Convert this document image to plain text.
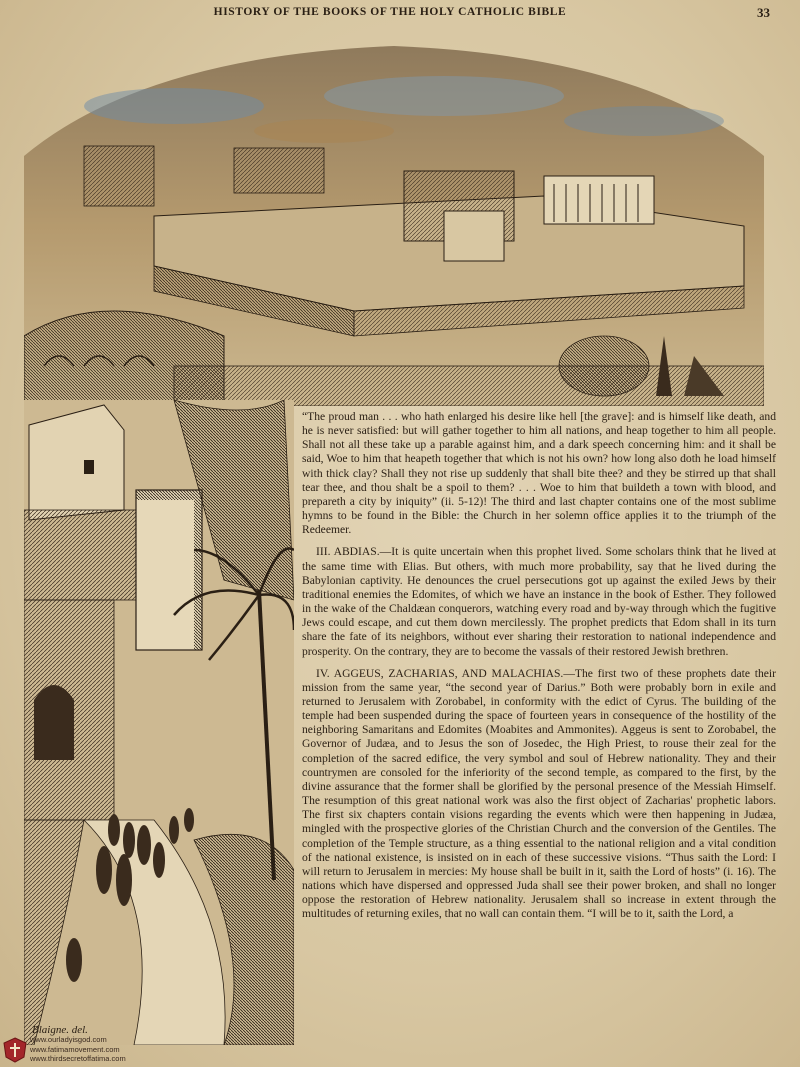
HISTORY OF THE BOOKS OF THE HOLY CATHOLIC BIBLE	33
Blaigne. del.

“The proud man . . . who hath enlarged his desire like hell [the grave]: and is himself like death, and he is never satisfied: but will gather together to him all nations, and heap together to him all people. Shall not all these take up a parable against him, and a dark speech concerning him: and it shall be said, Woe to him that heapeth together that which is not his own? how long also doth he load himself with thick clay? Shall they not rise up suddenly that shall bite thee? and they be stirred up that shall tear thee, and thou shalt be a spoil to them? . . . Woe to him that buildeth a town with blood, and prepareth a city by iniquity” (ii. 5-12)! The third and last chapter contains one of the most sublime hymns to be found in the Bible: the Church in her solemn office applies it to the triumph of the Redeemer.

III. ABDIAS.—It is quite uncertain when this prophet lived. Some scholars think that he lived at the same time with Elias. But others, with much more probability, say that he lived during the Babylonian captivity. He denounces the cruel persecutions got up against the exiled Jews by their traditional enemies the Edomites, of which we have an instance in the book of Esther. They followed in the wake of the Chaldæan conquerors, watching every road and by-way through which the fugitive Jews could escape, and cut them down mercilessly. The prophet predicts that Edom shall in its turn share the fate of its neighbors, without ever sharing their restoration to national independence and prosperity. On the contrary, they are to become the vassals of their restored Jewish brethren.

IV. AGGEUS, ZACHARIAS, AND MALACHIAS.—The first two of these prophets date their mission from the same year, “the second year of Darius.” Both were probably born in exile and returned to Jerusalem with Zorobabel, in conformity with the edict of Cyrus. The building of the temple had been suspended during the space of fourteen years in consequence of the hostility of the neighboring Samaritans and Edomites (Moabites and Ammonites). Aggeus is sent to Zorobabel, the Governor of Judæa, and to Jesus the son of Josedec, the High Priest, to rouse their zeal for the completion of the sacred edifice, the very symbol and soul of Hebrew nationality. They and their countrymen are consoled for the inferiority of the second temple, as compared to the first, by the divine assurance that the former shall be glorified by the personal presence of the Messiah Himself. The resumption of this great national work was also the first object of Zacharias' prophetic labors. The first six chapters contain visions regarding the events which were then happening in Judæa, mingled with the prospective glories of the Christian Church and the conversion of the Gentiles. The completion of the Temple structure, as a thing essential to the national religion and a vital condition of the national existence, is insisted on in each of these successive visions. “Thus saith the Lord: I will return to Jerusalem in mercies: My house shall be built in it, saith the Lord of hosts” (i. 16). The nations which have dispersed and oppressed Juda shall see their power broken, and shall no longer oppose the restoration of Hebrew nationality. Jerusalem shall so increase in extent through the multitudes of returning exiles, that no wall can contain them. “I will be to it, saith the Lord, a

www.ourladyisgod.com
www.fatimamovement.com
www.thirdsecretoffatima.com
